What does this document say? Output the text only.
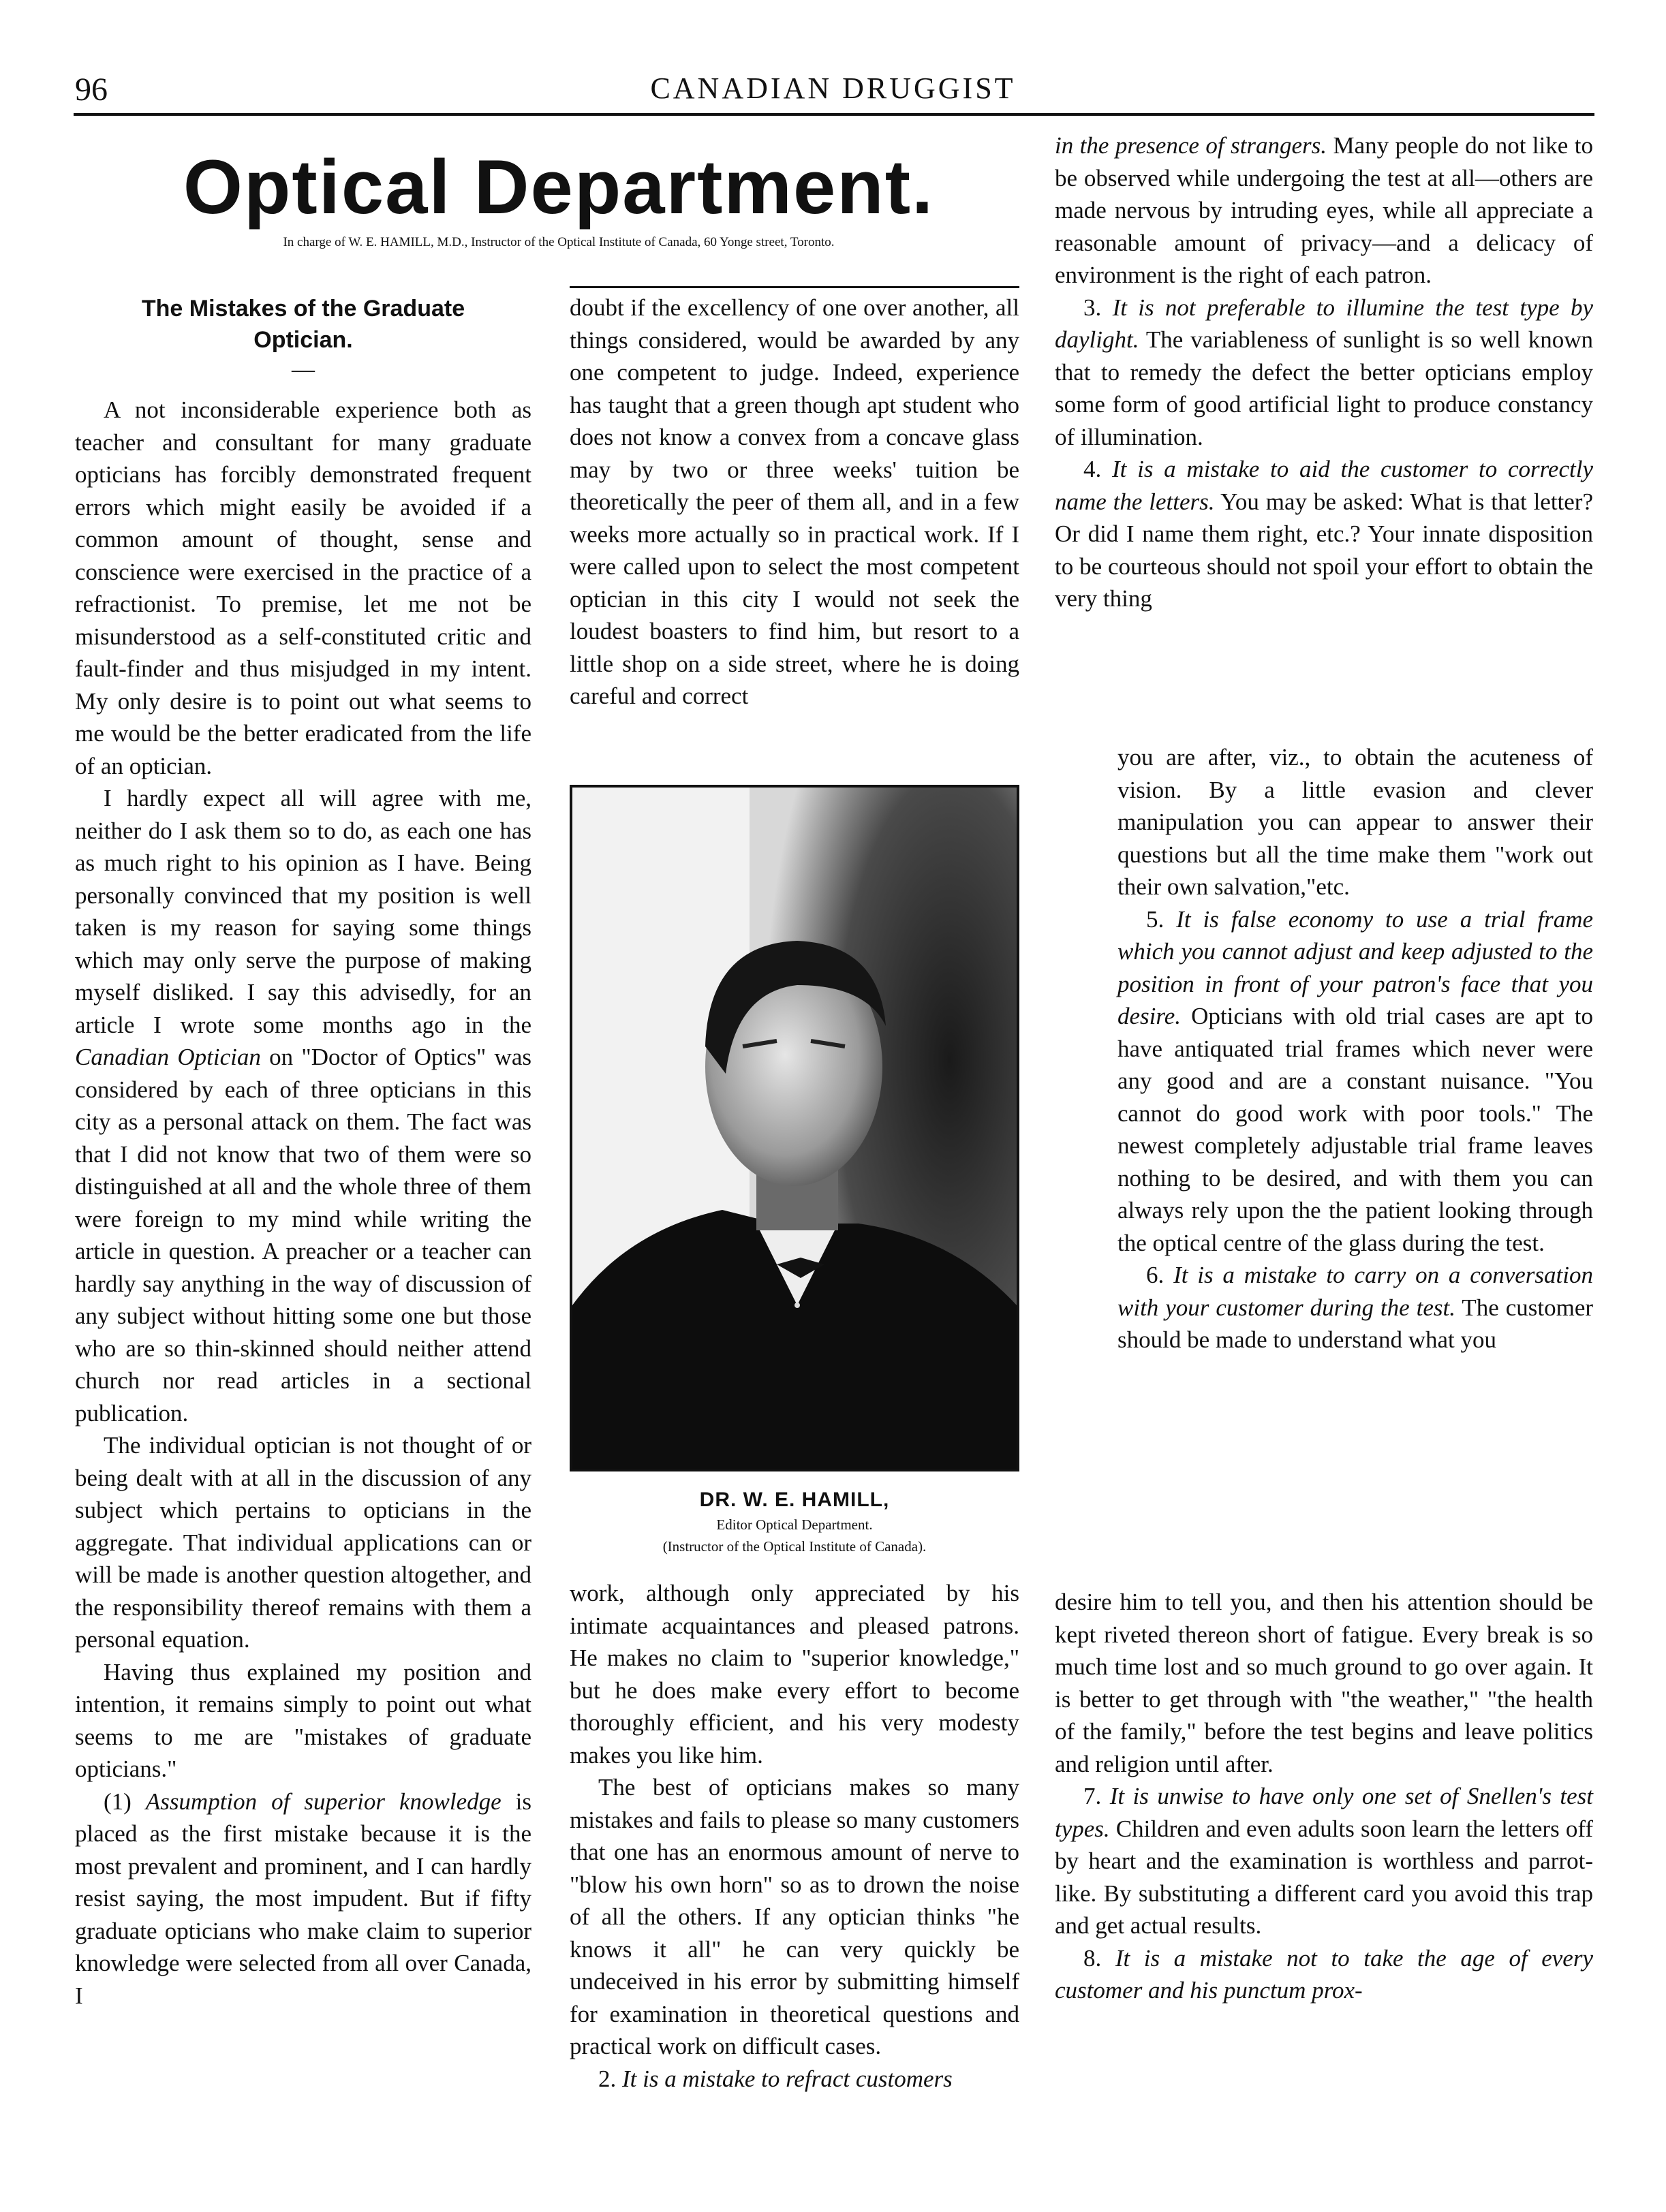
96	CANADIAN DRUGGIST
Optical Department.
In charge of W. E. HAMILL, M.D., Instructor of the Optical Institute of Canada, 60 Yonge street, Toronto.

The Mistakes of the Graduate

Optician.

—

A not inconsiderable experience both as teacher and consultant for many graduate opticians has forcibly demonstrated frequent errors which might easily be avoided if a common amount of thought, sense and conscience were exercised in the practice of a refractionist. To premise, let me not be misunderstood as a self-constituted critic and fault-finder and thus misjudged in my intent. My only desire is to point out what seems to me would be the better eradicated from the life of an optician.

I hardly expect all will agree with me, neither do I ask them so to do, as each one has as much right to his opinion as I have. Being personally convinced that my position is well taken is my reason for saying some things which may only serve the purpose of making myself disliked. I say this advisedly, for an article I wrote some months ago in the Canadian Optician on "Doctor of Optics" was considered by each of three opticians in this city as a personal attack on them. The fact was that I did not know that two of them were so distinguished at all and the whole three of them were foreign to my mind while writing the article in question. A preacher or a teacher can hardly say anything in the way of discussion of any subject without hitting some one but those who are so thin-skinned should neither attend church nor read articles in a sectional publication.

The individual optician is not thought of or being dealt with at all in the discussion of any subject which pertains to opticians in the aggregate. That individual applications can or will be made is another question altogether, and the responsibility thereof remains with them a personal equation.

Having thus explained my position and intention, it remains simply to point out what seems to me are "mistakes of graduate opticians."

(1) Assumption of superior knowledge is placed as the first mistake because it is the most prevalent and prominent, and I can hardly resist saying, the most impudent. But if fifty graduate opticians who make claim to superior knowledge were selected from all over Canada, I

doubt if the excellency of one over another, all things considered, would be awarded by any one competent to judge. Indeed, experience has taught that a green though apt student who does not know a convex from a concave glass may by two or three weeks' tuition be theoretically the peer of them all, and in a few weeks more actually so in practical work. If I were called upon to select the most competent optician in this city I would not seek the loudest boasters to find him, but resort to a little shop on a side street, where he is doing careful and correct

DR. W. E. HAMILL,
Editor Optical Department.
(Instructor of the Optical Institute of Canada).

work, although only appreciated by his intimate acquaintances and pleased patrons. He makes no claim to "superior knowledge," but he does make every effort to become thoroughly efficient, and his very modesty makes you like him.

The best of opticians makes so many mistakes and fails to please so many customers that one has an enormous amount of nerve to "blow his own horn" so as to drown the noise of all the others. If any optician thinks "he knows it all" he can very quickly be undeceived in his error by submitting himself for examination in theoretical questions and practical work on difficult cases.

2. It is a mistake to refract customers

in the presence of strangers. Many people do not like to be observed while undergoing the test at all—others are made nervous by intruding eyes, while all appreciate a reasonable amount of privacy—and a delicacy of environment is the right of each patron.

3. It is not preferable to illumine the test type by daylight. The variableness of sunlight is so well known that to remedy the defect the better opticians employ some form of good artificial light to produce constancy of illumination.

4. It is a mistake to aid the customer to correctly name the letters. You may be asked: What is that letter? Or did I name them right, etc.? Your innate disposition to be courteous should not spoil your effort to obtain the very thing

you are after, viz., to obtain the acuteness of vision. By a little evasion and clever manipulation you can appear to answer their questions but all the time make them "work out their own salvation,"etc.

5. It is false economy to use a trial frame which you cannot adjust and keep adjusted to the position in front of your patron's face that you desire. Opticians with old trial cases are apt to have antiquated trial frames which never were any good and are a constant nuisance. "You cannot do good work with poor tools." The newest completely adjustable trial frame leaves nothing to be desired, and with them you can always rely upon the the patient looking through the optical centre of the glass during the test.

6. It is a mistake to carry on a conversation with your customer during the test. The customer should be made to understand what you

desire him to tell you, and then his attention should be kept riveted thereon short of fatigue. Every break is so much time lost and so much ground to go over again. It is better to get through with "the weather," "the health of the family," before the test begins and leave politics and religion until after.

7. It is unwise to have only one set of Snellen's test types. Children and even adults soon learn the letters off by heart and the examination is worthless and parrot-like. By substituting a different card you avoid this trap and get actual results.

8. It is a mistake not to take the age of every customer and his punctum prox-
